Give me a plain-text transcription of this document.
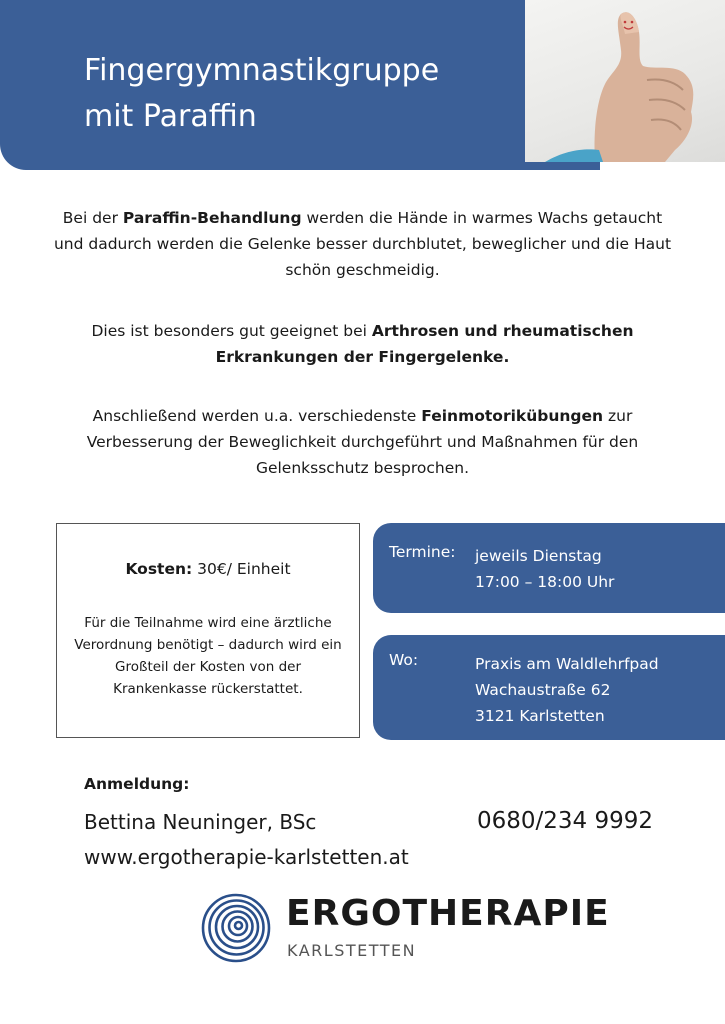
Fingergymnastikgruppe
mit Paraffin

Bei der Paraffin-Behandlung werden die Hände in warmes Wachs getaucht und dadurch werden die Gelenke besser durchblutet, beweglicher und die Haut schön geschmeidig.

Dies ist besonders gut geeignet bei Arthrosen und rheumatischen Erkrankungen der Fingergelenke.

Anschließend werden u.a. verschiedenste Feinmotorikübungen zur Verbesserung der Beweglichkeit durchgeführt und Maßnahmen für den Gelenksschutz besprochen.

Kosten: 30€/ Einheit
Für die Teilnahme wird eine ärztliche Verordnung benötigt – dadurch wird ein Großteil der Kosten von der Krankenkasse rückerstattet.
Termine: jeweils Dienstag
17:00 – 18:00 Uhr
Wo:	Praxis am Waldlehrfpad
Wachaustraße 62
3121 Karlstetten
Anmeldung:
Bettina Neuninger, BSc
www.ergotherapie-karlstetten.at
0680/234 9992
ERGOTHERAPIE
KARLSTETTEN
